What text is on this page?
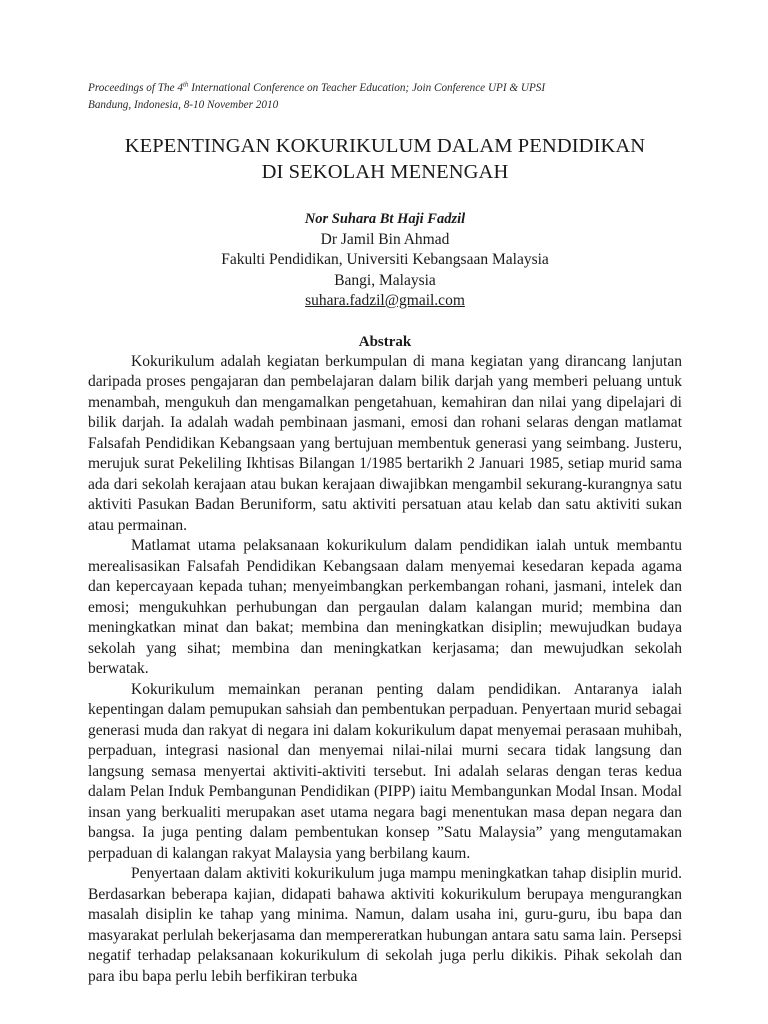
Proceedings of The 4th International Conference on Teacher Education; Join Conference UPI & UPSI
Bandung, Indonesia, 8-10 November 2010
KEPENTINGAN KOKURIKULUM DALAM PENDIDIKAN
DI SEKOLAH MENENGAH
Nor Suhara Bt Haji Fadzil
Dr Jamil Bin Ahmad
Fakulti Pendidikan, Universiti Kebangsaan Malaysia
Bangi, Malaysia
suhara.fadzil@gmail.com
Abstrak

Kokurikulum adalah kegiatan berkumpulan di mana kegiatan yang dirancang lanjutan daripada proses pengajaran dan pembelajaran dalam bilik darjah yang memberi peluang untuk menambah, mengukuh dan mengamalkan pengetahuan, kemahiran dan nilai yang dipelajari di bilik darjah. Ia adalah wadah pembinaan jasmani, emosi dan rohani selaras dengan matlamat Falsafah Pendidikan Kebangsaan yang bertujuan membentuk generasi yang seimbang. Justeru, merujuk surat Pekeliling Ikhtisas Bilangan 1/1985 bertarikh 2 Januari 1985, setiap murid sama ada dari sekolah kerajaan atau bukan kerajaan diwajibkan mengambil sekurang-kurangnya satu aktiviti Pasukan Badan Beruniform, satu aktiviti persatuan atau kelab dan satu aktiviti sukan atau permainan.

Matlamat utama pelaksanaan kokurikulum dalam pendidikan ialah untuk membantu merealisasikan Falsafah Pendidikan Kebangsaan dalam menyemai kesedaran kepada agama dan kepercayaan kepada tuhan; menyeimbangkan perkembangan rohani, jasmani, intelek dan emosi; mengukuhkan perhubungan dan pergaulan dalam kalangan murid; membina dan meningkatkan minat dan bakat; membina dan meningkatkan disiplin; mewujudkan budaya sekolah yang sihat; membina dan meningkatkan kerjasama; dan mewujudkan sekolah berwatak.

Kokurikulum memainkan peranan penting dalam pendidikan. Antaranya ialah kepentingan dalam pemupukan sahsiah dan pembentukan perpaduan. Penyertaan murid sebagai generasi muda dan rakyat di negara ini dalam kokurikulum dapat menyemai perasaan muhibah, perpaduan, integrasi nasional dan menyemai nilai-nilai murni secara tidak langsung dan langsung semasa menyertai aktiviti-aktiviti tersebut. Ini adalah selaras dengan teras kedua dalam Pelan Induk Pembangunan Pendidikan (PIPP) iaitu Membangunkan Modal Insan. Modal insan yang berkualiti merupakan aset utama negara bagi menentukan masa depan negara dan bangsa. Ia juga penting dalam pembentukan konsep ”Satu Malaysia” yang mengutamakan perpaduan di kalangan rakyat Malaysia yang berbilang kaum.

Penyertaan dalam aktiviti kokurikulum juga mampu meningkatkan tahap disiplin murid. Berdasarkan beberapa kajian, didapati bahawa aktiviti kokurikulum berupaya mengurangkan masalah disiplin ke tahap yang minima. Namun, dalam usaha ini, guru-guru, ibu bapa dan masyarakat perlulah bekerjasama dan mempereratkan hubungan antara satu sama lain. Persepsi negatif terhadap pelaksanaan kokurikulum di sekolah juga perlu dikikis. Pihak sekolah dan para ibu bapa perlu lebih berfikiran terbuka
